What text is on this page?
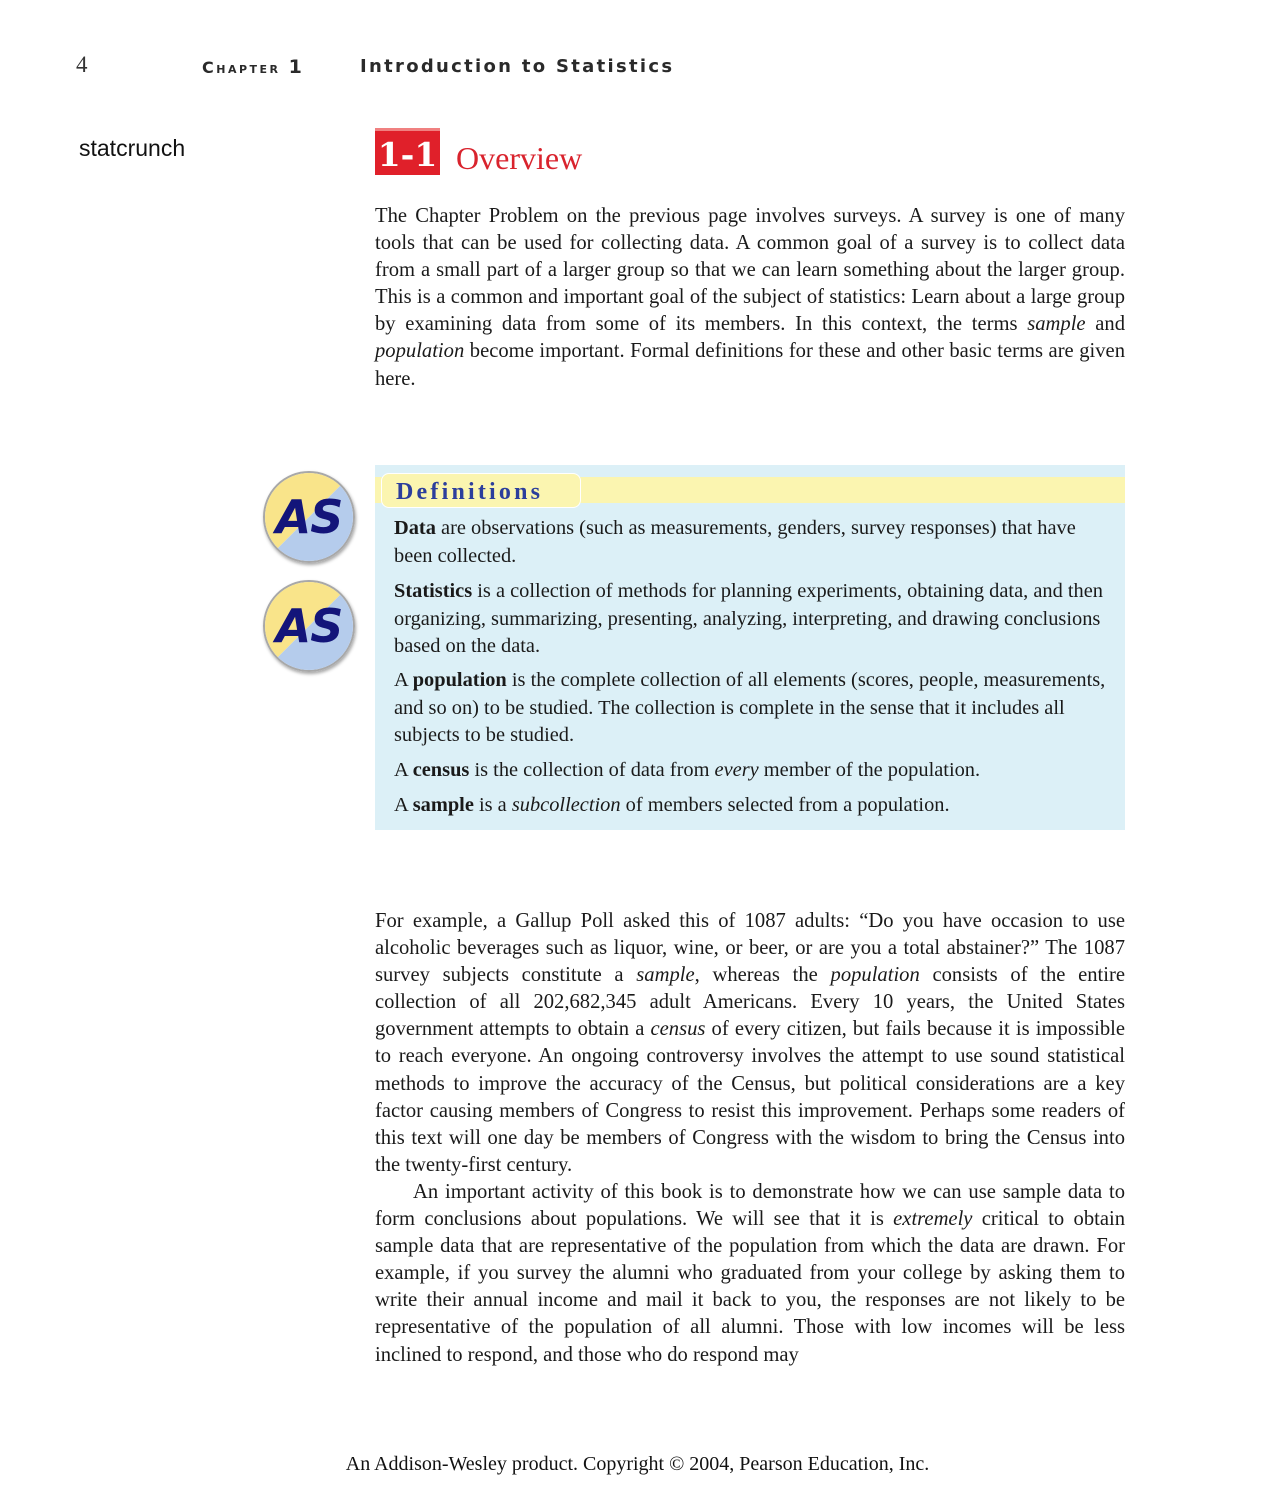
4	Chapter 1	Introduction to Statistics
statcrunch	1-1 Overview
The Chapter Problem on the previous page involves surveys. A survey is one of many tools that can be used for collecting data. A common goal of a survey is to collect data from a small part of a larger group so that we can learn something about the larger group. This is a common and important goal of the subject of statistics: Learn about a large group by examining data from some of its members. In this context, the terms sample and population become important. Formal definitions for these and other basic terms are given here.
AS
AS
Definitions

Data are observations (such as measurements, genders, survey responses) that have been collected.

Statistics is a collection of methods for planning experiments, obtaining data, and then organizing, summarizing, presenting, analyzing, interpreting, and drawing conclusions based on the data.

A population is the complete collection of all elements (scores, people, measurements, and so on) to be studied. The collection is complete in the sense that it includes all subjects to be studied.

A census is the collection of data from every member of the population.

A sample is a subcollection of members selected from a population.

For example, a Gallup Poll asked this of 1087 adults: “Do you have occasion to use alcoholic beverages such as liquor, wine, or beer, or are you a total abstainer?” The 1087 survey subjects constitute a sample, whereas the population consists of the entire collection of all 202,682,345 adult Americans. Every 10 years, the United States government attempts to obtain a census of every citizen, but fails because it is impossible to reach everyone. An ongoing controversy involves the attempt to use sound statistical methods to improve the accuracy of the Census, but political considerations are a key factor causing members of Congress to resist this improvement. Perhaps some readers of this text will one day be members of Congress with the wisdom to bring the Census into the twenty-first century.

An important activity of this book is to demonstrate how we can use sample data to form conclusions about populations. We will see that it is extremely critical to obtain sample data that are representative of the population from which the data are drawn. For example, if you survey the alumni who graduated from your college by asking them to write their annual income and mail it back to you, the responses are not likely to be representative of the population of all alumni. Those with low incomes will be less inclined to respond, and those who do respond may

An Addison-Wesley product. Copyright © 2004, Pearson Education, Inc.
